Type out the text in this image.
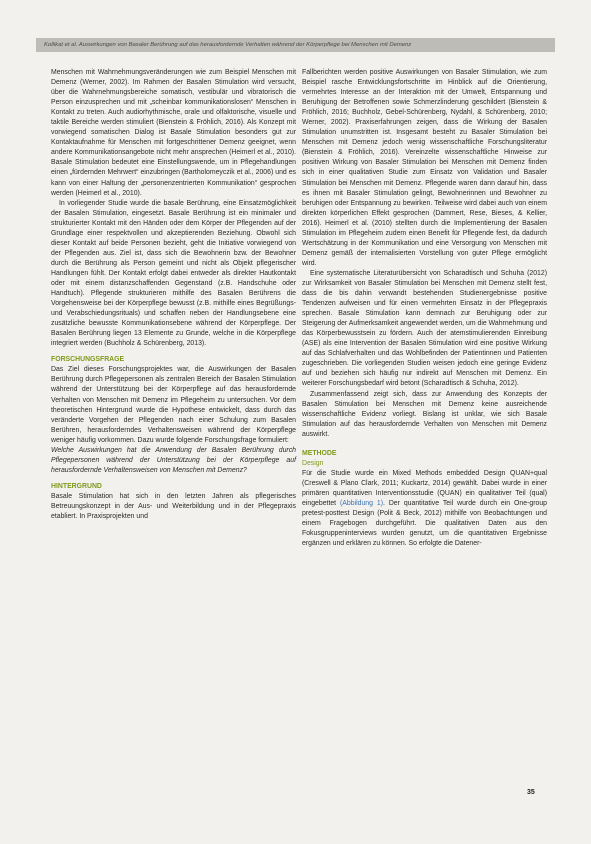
Kollikat et al. Auswirkungen von Basaler Berührung auf das herausfordernde Verhalten während der Körperpflege bei Menschen mit Demenz

Menschen mit Wahrnehmungsveränderungen wie zum Beispiel Menschen mit Demenz (Werner, 2002). Im Rahmen der Basalen Stimulation wird versucht, über die Wahrnehmungsbereiche somatisch, vestibulär und vibratorisch die Person einzusprechen und mit „scheinbar kommunikationslosen“ Menschen in Kontakt zu treten. Auch audiorhythmische, orale und olfaktorische, visuelle und taktile Bereiche werden stimuliert (Bienstein & Fröhlich, 2016). Als Konzept mit vorwiegend somatischen Dialog ist Basale Stimulation besonders gut zur Kontaktaufnahme für Menschen mit fortgeschrittener Demenz geeignet, wenn andere Kommunikationsangebote nicht mehr ansprechen (Heimerl et al., 2010). Basale Stimulation bedeutet eine Einstellungswende, um in Pflegehandlungen einen „fürdernden Mehrwert“ einzubringen (Bartholomeyczik et al., 2006) und es kann von einer Haltung der „personenzentrierten Kommunikation“ gesprochen werden (Heimerl et al., 2010).

In vorliegender Studie wurde die basale Berührung, eine Einsatzmöglichkeit der Basalen Stimulation, eingesetzt. Basale Berührung ist ein minimaler und strukturierter Kontakt mit den Händen oder dem Körper der Pflegenden auf der Grundlage einer respektvollen und akzeptierenden Beziehung. Obwohl sich dieser Kontakt auf beide Personen bezieht, geht die Initiative vorwiegend von der Pflegenden aus. Ziel ist, dass sich die Bewohnerin bzw. der Bewohner durch die Berührung als Person gemeint und nicht als Objekt pflegerischer Handlungen fühlt. Der Kontakt erfolgt dabei entweder als direkter Hautkontakt oder mit einem distanzschaffenden Gegenstand (z.B. Handschuhe oder Handtuch). Pflegende strukturieren mithilfe des Basalen Berührens die Vorgehensweise bei der Körperpflege bewusst (z.B. mithilfe eines Begrüßungs- und Verabschiedungsrituals) und schaffen neben der Handlungsebene eine zusätzliche bewusste Kommunikationsebene während der Körperpflege. Der Basalen Berührung liegen 13 Elemente zu Grunde, welche in die Körperpflege integriert werden (Buchholz & Schürenberg, 2013).

FORSCHUNGSFRAGE

Das Ziel dieses Forschungsprojektes war, die Auswirkungen der Basalen Berührung durch Pflegepersonen als zentralen Bereich der Basalen Stimulation während der Unterstützung bei der Körperpflege auf das herausfordernde Verhalten von Menschen mit Demenz im Pflegeheim zu untersuchen. Vor dem theoretischen Hintergrund wurde die Hypothese entwickelt, dass durch das veränderte Vorgehen der Pflegenden nach einer Schulung zum Basalen Berühren, herausforderndes Verhaltensweisen während der Körperpflege weniger häufig vorkommen. Dazu wurde folgende Forschungsfrage formuliert:

Welche Auswirkungen hat die Anwendung der Basalen Berührung durch Pflegepersonen während der Unterstützung bei der Körperpflege auf herausfordernde Verhaltensweisen von Menschen mit Demenz?

HINTERGRUND

Basale Stimulation hat sich in den letzten Jahren als pflegerisches Betreuungskonzept in der Aus- und Weiterbildung und in der Pflegepraxis etabliert. In Praxisprojekten und

Fallberichten werden positive Auswirkungen von Basaler Stimulation, wie zum Beispiel rasche Entwicklungsfortschritte im Hinblick auf die Orientierung, vermehrtes Interesse an der Interaktion mit der Umwelt, Entspannung und Beruhigung der Betroffenen sowie Schmerzlinderung geschildert (Bienstein & Fröhlich, 2016; Buchholz, Gebel-Schürenberg, Nydahl, & Schürenberg, 2010; Werner, 2002). Praxiserfahrungen zeigen, dass die Wirkung der Basalen Stimulation unumstritten ist. Insgesamt besteht zu Basaler Stimulation bei Menschen mit Demenz jedoch wenig wissenschaftliche Forschungsliteratur (Bienstein & Fröhlich, 2016). Vereinzelte wissenschaftliche Hinweise zur positiven Wirkung von Basaler Stimulation bei Menschen mit Demenz finden sich in einer qualitativen Studie zum Einsatz von Validation und Basaler Stimulation bei Menschen mit Demenz. Pflegende waren dann darauf hin, dass es ihnen mit Basaler Stimulation gelingt, Bewohnerinnen und Bewohner zu beruhigen oder Entspannung zu bewirken. Teilweise wird dabei auch von einem direkten körperlichen Effekt gesprochen (Dammert, Rese, Bieses, & Kellier, 2016). Heimerl et al. (2010) stellten durch die Implementierung der Basalen Stimulation im Pflegeheim zudem einen Benefit für Pflegende fest, da dadurch Wertschätzung in der Kommunikation und eine Versorgung von Menschen mit Demenz gemäß der internalisierten Vorstellung von guter Pflege ermöglicht wird.

Eine systematische Literaturübersicht von Scharadtisch und Schuha (2012) zur Wirksamkeit von Basaler Stimulation bei Menschen mit Demenz stellt fest, dass die bis dahin verwandt bestehenden Studienergebnisse positive Tendenzen aufweisen und für einen vermehrten Einsatz in der Pflegepraxis sprechen. Basale Stimulation kann demnach zur Beruhigung oder zur Steigerung der Aufmerksamkeit angewendet werden, um die Wahrnehmung und das Körperbewusstsein zu fördern. Auch der atemstimulierenden Einreibung (ASE) als eine Intervention der Basalen Stimulation wird eine positive Wirkung auf das Schlafverhalten und das Wohlbefinden der Patientinnen und Patienten zugeschrieben. Die vorliegenden Studien weisen jedoch eine geringe Evidenz auf und beziehen sich häufig nur indirekt auf Menschen mit Demenz. Ein weiterer Forschungsbedarf wird betont (Scharadtisch & Schuha, 2012).

Zusammenfassend zeigt sich, dass zur Anwendung des Konzepts der Basalen Stimulation bei Menschen mit Demenz keine ausreichende wissenschaftliche Evidenz vorliegt. Bislang ist unklar, wie sich Basale Stimulation auf das herausfordernde Verhalten von Menschen mit Demenz auswirkt.

METHODE
Design

Für die Studie wurde ein Mixed Methods embedded Design QUAN+qual (Creswell & Plano Clark, 2011; Kuckartz, 2014) gewählt. Dabei wurde in einer primären quantitativen Interventionsstudie (QUAN) ein qualitativer Teil (qual) eingebettet (Abbildung 1). Der quantitative Teil wurde durch ein One-group pretest-posttest Design (Polit & Beck, 2012) mithilfe von Beobachtungen und einem Fragebogen durchgeführt. Die qualitativen Daten aus den Fokusgruppeninterviews wurden genutzt, um die quantitativen Ergebnisse ergänzen und erklären zu können. So erfolgte die Datener-

35
